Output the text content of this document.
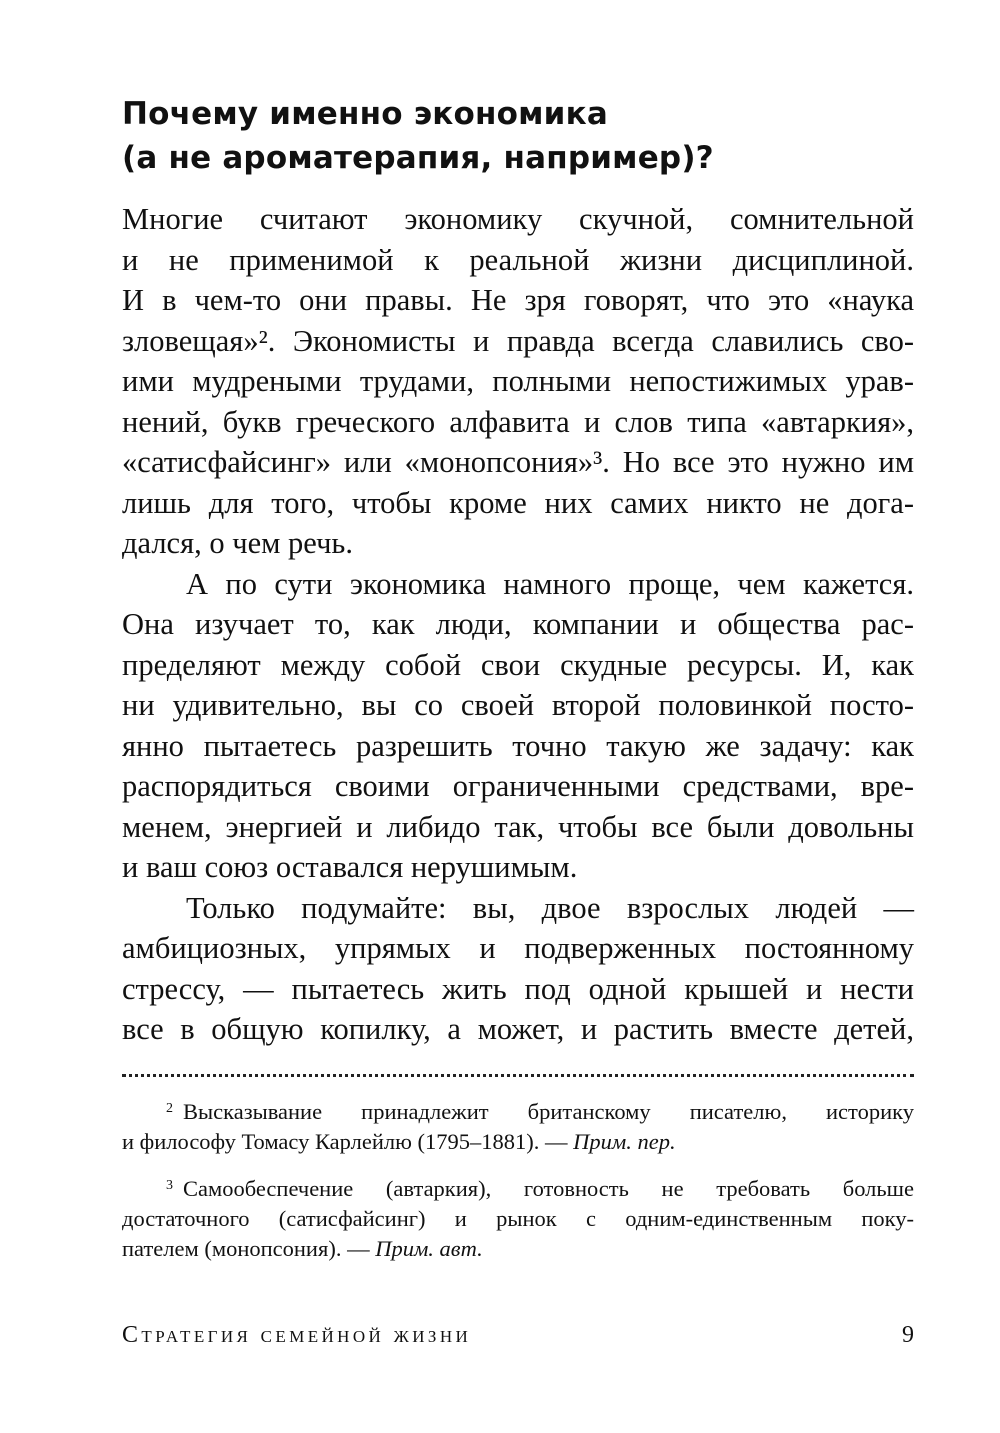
Почему именно экономика
(а не ароматерапия, например)?
Многие считают экономику скучной, сомнительной
и не применимой к реальной жизни дисциплиной.
И в чем-то они правы. Не зря говорят, что это «наука
зловещая»². Экономисты и правда всегда славились сво-
ими мудреными трудами, полными непостижимых урав-
нений, букв греческого алфавита и слов типа «автаркия»,
«сатисфайсинг» или «монопсония»³. Но все это нужно им
лишь для того, чтобы кроме них самих никто не дога-
дался, о чем речь.
А по сути экономика намного проще, чем кажется.
Она изучает то, как люди, компании и общества рас-
пределяют между собой свои скудные ресурсы. И, как
ни удивительно, вы со своей второй половинкой посто-
янно пытаетесь разрешить точно такую же задачу: как
распорядиться своими ограниченными средствами, вре-
менем, энергией и либидо так, чтобы все были довольны
и ваш союз оставался нерушимым.
Только подумайте: вы, двое взрослых людей —
амбициозных, упрямых и подверженных постоянному
стрессу, — пытаетесь жить под одной крышей и нести
все в общую копилку, а может, и растить вместе детей,
$^2$ Высказывание принадлежит британскому писателю, историку
и философу Томасу Карлейлю (1795–1881). — Прим. пер.
$^3$ Самообеспечение (автаркия), готовность не требовать больше
достаточного (сатисфайсинг) и рынок с одним-единственным поку-
пателем (монопсония). — Прим. авт.
Стратегия семейной жизни	9
